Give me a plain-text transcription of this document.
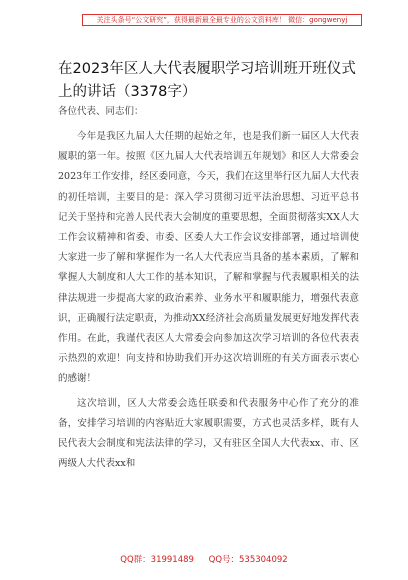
关注头条号“公文研究”，获得最新最全最专业的公文资料库！ 微信：gongwenyj
在2023年区人大代表履职学习培训班开班仪式上的讲话（3378字）
各位代表、同志们：

今年是我区九届人大任期的起始之年，也是我们新一届区人大代表履职的第一年。按照《区九届人大代表培训五年规划》和区人大常委会2023年工作安排，经区委同意，今天，我们在这里举行区九届人大代表的初任培训，主要目的是：深入学习贯彻习近平法治思想、习近平总书记关于坚持和完善人民代表大会制度的重要思想，全面贯彻落实XX人大工作会议精神和省委、市委、区委人大工作会议安排部署，通过培训使大家进一步了解和掌握作为一名人大代表应当具备的基本素质，了解和掌握人大制度和人大工作的基本知识，了解和掌握与代表履职相关的法律法规进一步提高大家的政治素养、业务水平和履职能力，增强代表意识，正确履行法定职责，为推动XX经济社会高质量发展更好地发挥代表作用。在此，我谨代表区人大常委会向参加这次学习培训的各位代表表示热烈的欢迎！向支持和协助我们开办这次培训班的有关方面表示衷心的感谢！

这次培训，区人大常委会选任联委和代表服务中心作了充分的准备，安排学习培训的内容贴近大家履职需要，方式也灵活多样，既有人民代表大会制度和宪法法律的学习，又有驻区全国人大代表xx、市、区两级人大代表xx和

QQ群：31991489 QQ号：535304092
